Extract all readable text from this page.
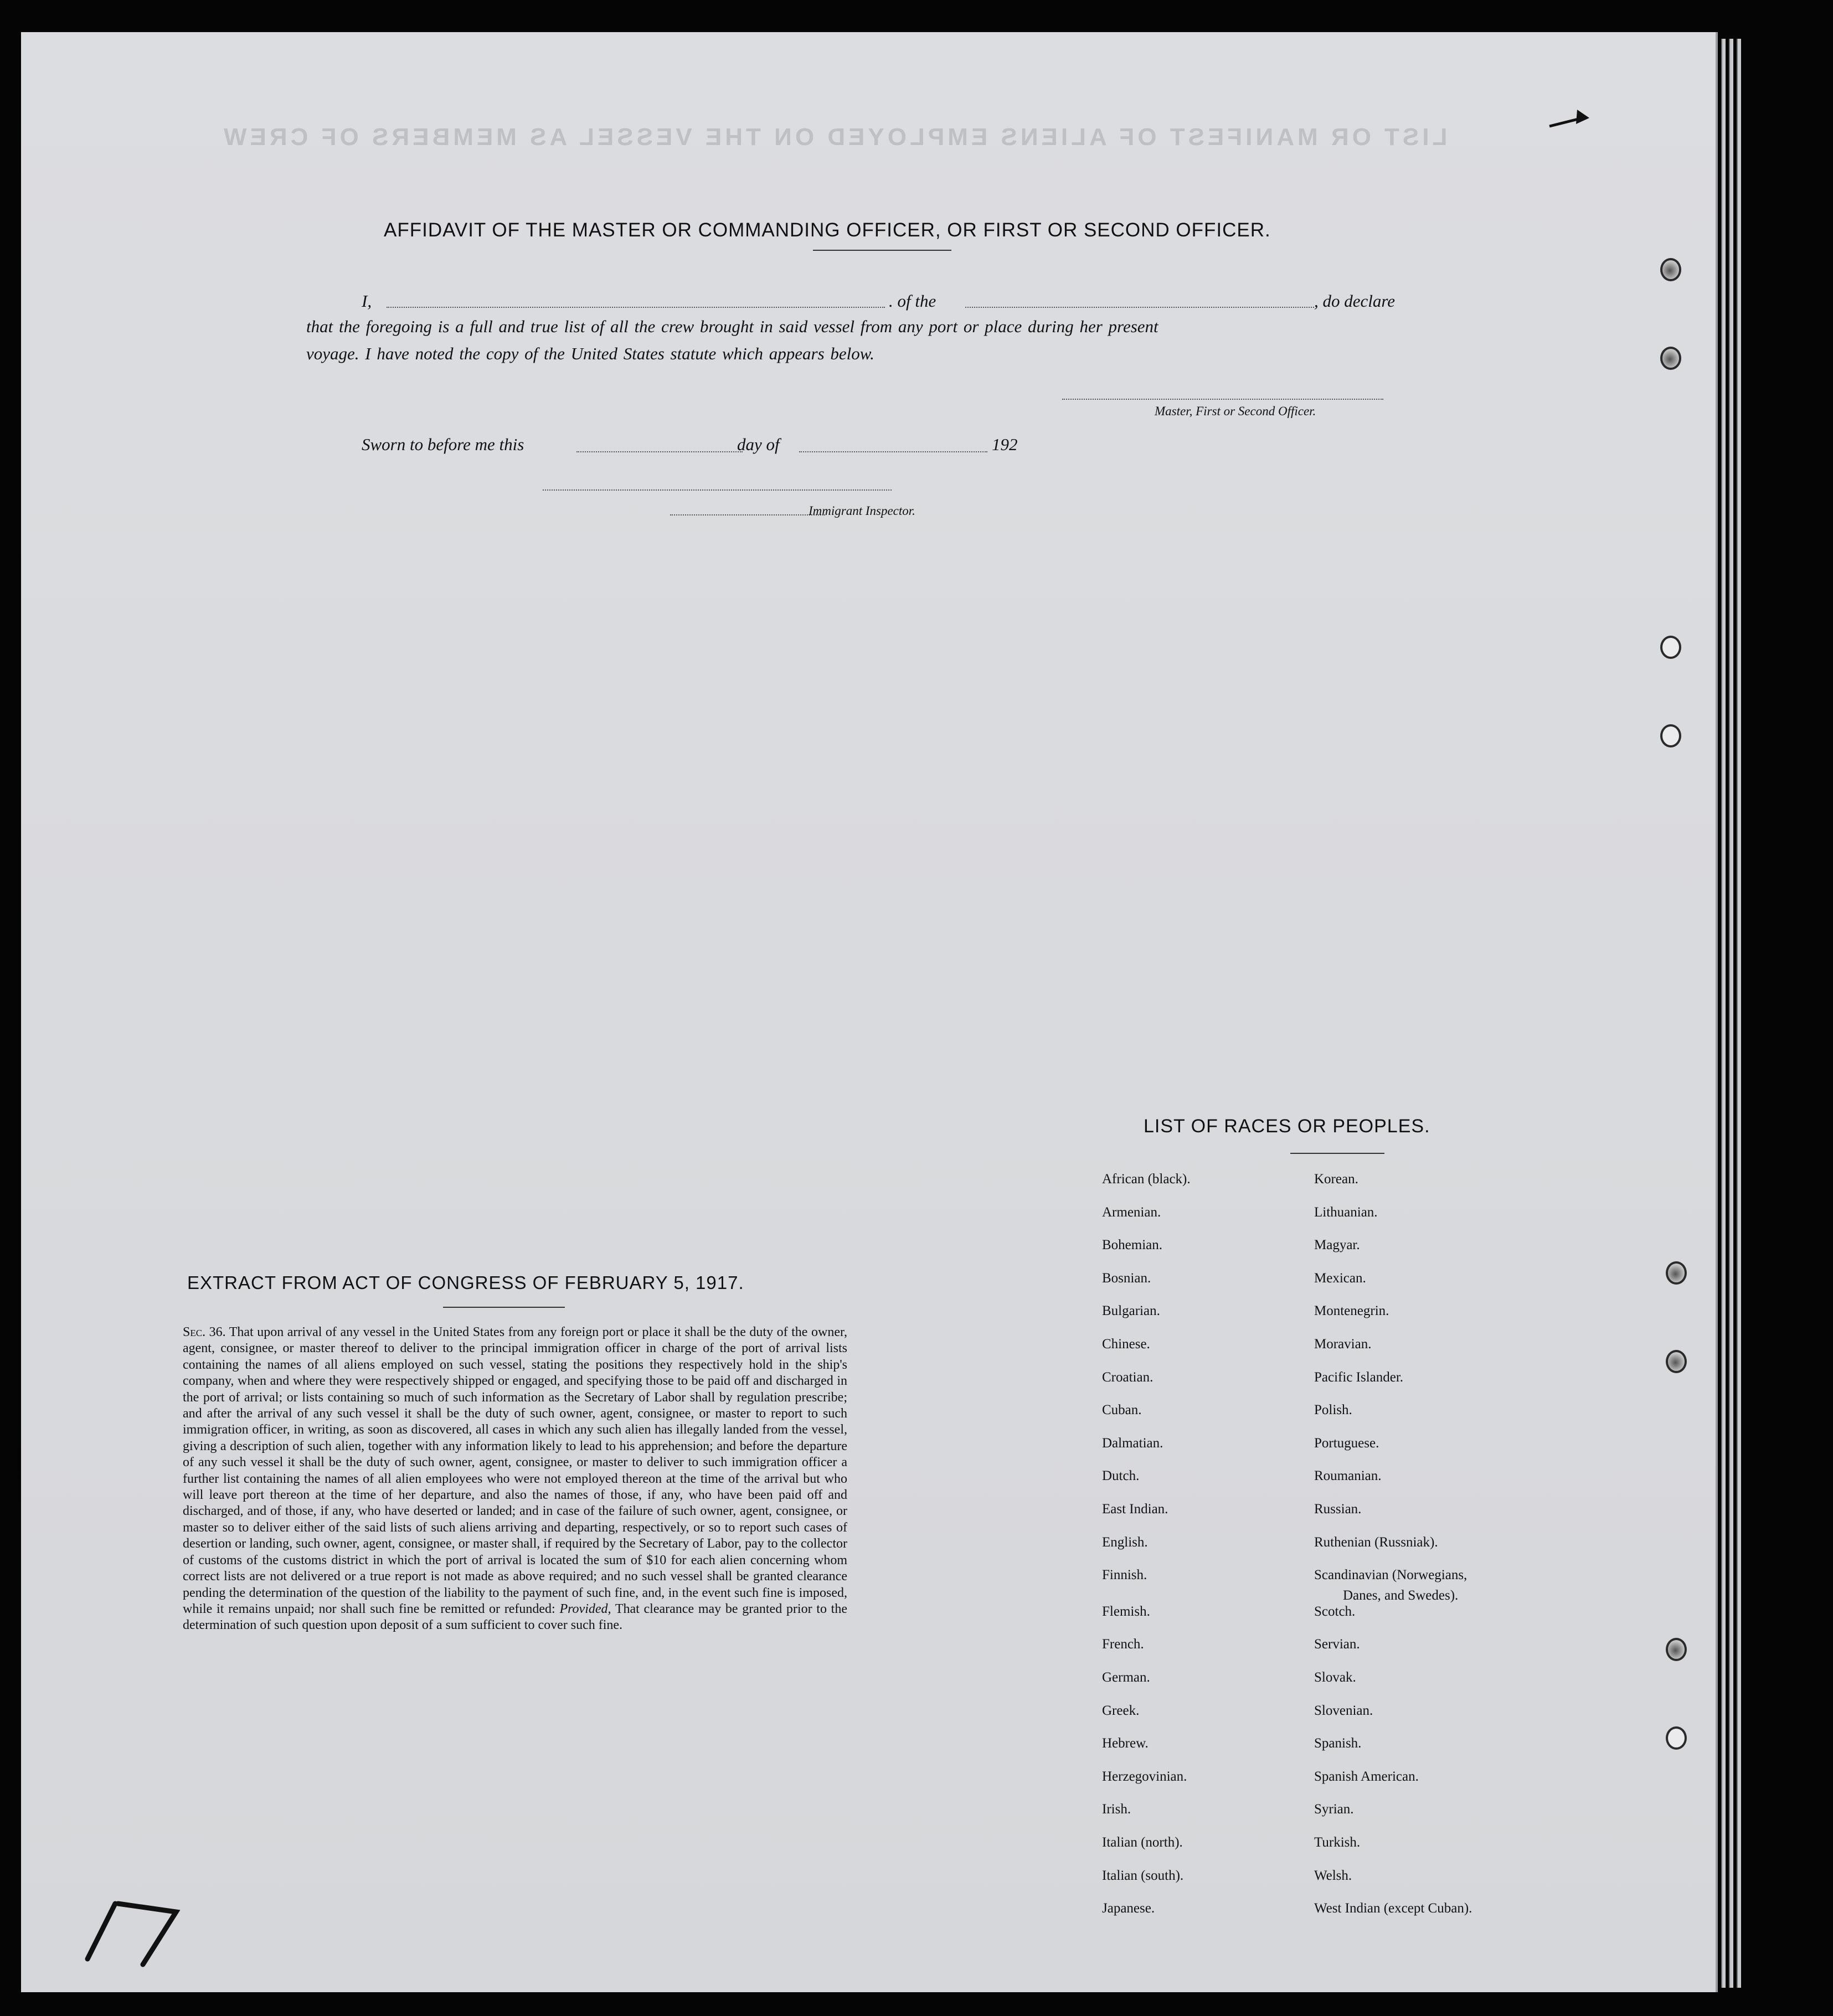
LIST OR MANIFEST OF ALIENS EMPLOYED ON THE VESSEL AS MEMBERS OF CREW
AFFIDAVIT OF THE MASTER OR COMMANDING OFFICER, OR FIRST OR SECOND OFFICER.
I,	. of the	, do declare
that the foregoing is a full and true list of all the crew brought in said vessel from any port or place during her present
voyage. I have noted the copy of the United States statute which appears below.
Master, First or Second Officer.
Sworn to before me this	day of	192
Immigrant Inspector.
LIST OF RACES OR PEOPLES.
Danes, and Swedes).
EXTRACT FROM ACT OF CONGRESS OF FEBRUARY 5, 1917.
Sec. 36. That upon arrival of any vessel in the United States from any foreign port or place it shall be the duty of the owner, agent, consignee, or master thereof to deliver to the principal immigration officer in charge of the port of arrival lists containing the names of all aliens employed on such vessel, stating the positions they respectively hold in the ship's company, when and where they were respectively shipped or engaged, and specifying those to be paid off and discharged in the port of arrival; or lists containing so much of such information as the Secretary of Labor shall by regulation prescribe; and after the arrival of any such vessel it shall be the duty of such owner, agent, consignee, or master to report to such immigration officer, in writing, as soon as discovered, all cases in which any such alien has illegally landed from the vessel, giving a description of such alien, together with any information likely to lead to his apprehension; and before the departure of any such vessel it shall be the duty of such owner, agent, consignee, or master to deliver to such immigration officer a further list containing the names of all alien employees who were not employed thereon at the time of the arrival but who will leave port thereon at the time of her departure, and also the names of those, if any, who have been paid off and discharged, and of those, if any, who have deserted or landed; and in case of the failure of such owner, agent, consignee, or master so to deliver either of the said lists of such aliens arriving and departing, respectively, or so to report such cases of desertion or landing, such owner, agent, consignee, or master shall, if required by the Secretary of Labor, pay to the collector of customs of the customs district in which the port of arrival is located the sum of $10 for each alien concerning whom correct lists are not delivered or a true report is not made as above required; and no such vessel shall be granted clearance pending the determination of the question of the liability to the payment of such fine, and, in the event such fine is imposed, while it remains unpaid; nor shall such fine be remitted or refunded: Provided, That clearance may be granted prior to the determination of such question upon deposit of a sum sufficient to cover such fine.
17
African (black).
Armenian.
Bohemian.
Bosnian.
Bulgarian.
Chinese.
Croatian.
Cuban.
Dalmatian.
Dutch.
East Indian.
English.
Finnish.
Flemish.
French.
German.
Greek.
Hebrew.
Herzegovinian.
Irish.
Italian (north).
Italian (south).
Japanese.
Korean.
Lithuanian.
Magyar.
Mexican.
Montenegrin.
Moravian.
Pacific Islander.
Polish.
Portuguese.
Roumanian.
Russian.
Ruthenian (Russniak).
Scandinavian (Norwegians,
Scotch.
Servian.
Slovak.
Slovenian.
Spanish.
Spanish American.
Syrian.
Turkish.
Welsh.
West Indian (except Cuban).
